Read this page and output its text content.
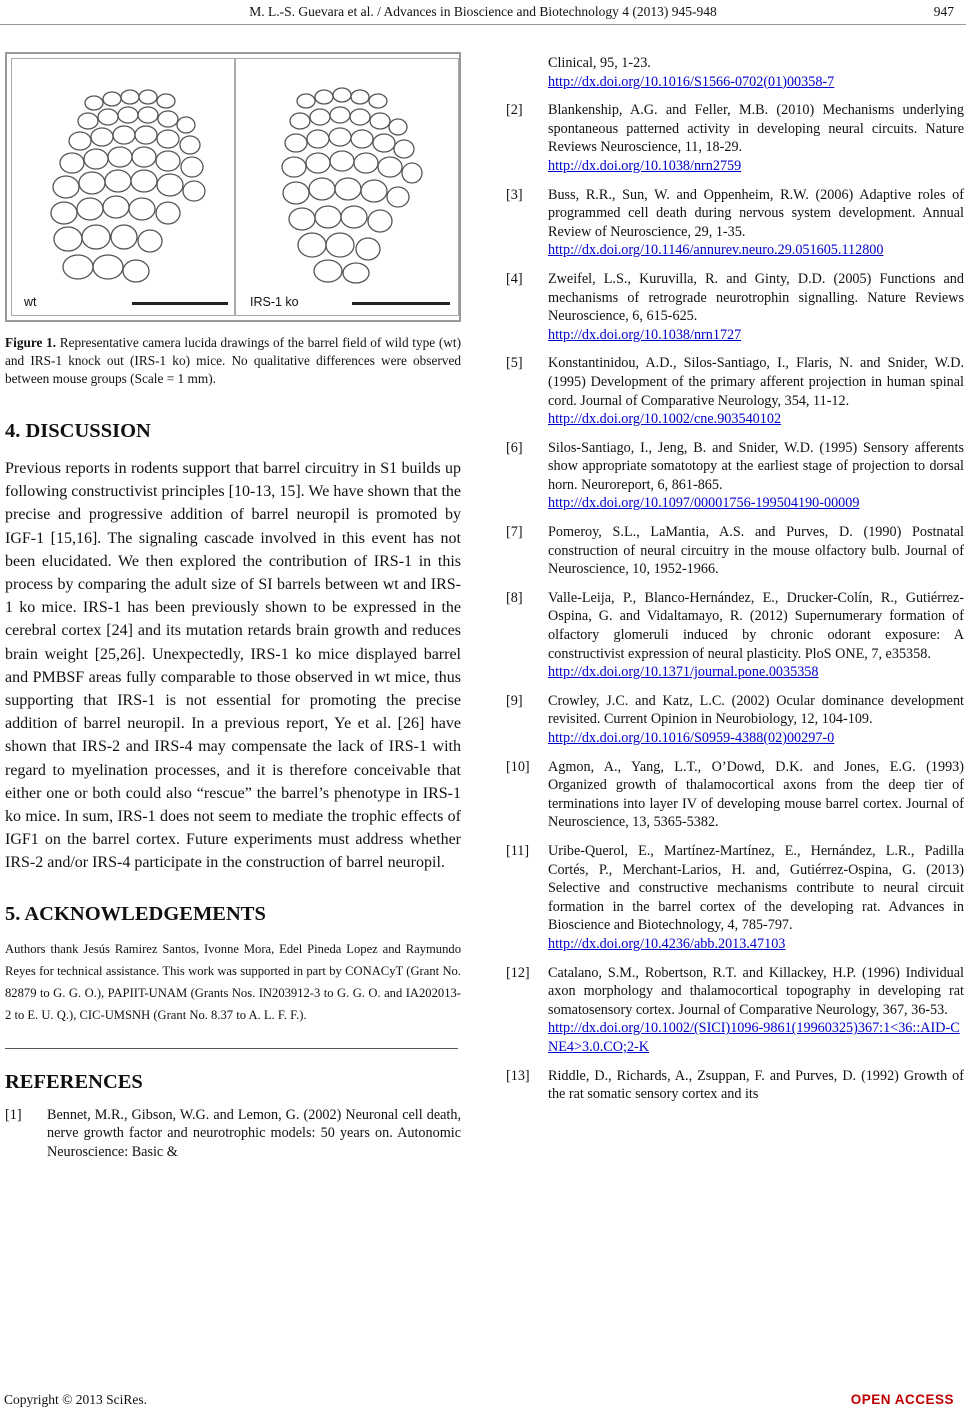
M. L.-S. Guevara et al. / Advances in Bioscience and Biotechnology 4 (2013) 945-948	947
wt	IRS-1 ko
Figure 1. Representative camera lucida drawings of the barrel field of wild type (wt) and IRS-1 knock out (IRS-1 ko) mice. No qualitative differences were observed between mouse groups (Scale = 1 mm).
4. DISCUSSION
Previous reports in rodents support that barrel circuitry in S1 builds up following constructivist principles [10-13, 15]. We have shown that the precise and progressive addition of barrel neuropil is promoted by IGF-1 [15,16]. The signaling cascade involved in this event has not been elucidated. We then explored the contribution of IRS-1 in this process by comparing the adult size of SI barrels between wt and IRS-1 ko mice. IRS-1 has been previously shown to be expressed in the cerebral cortex [24] and its mutation retards brain growth and reduces brain weight [25,26]. Unexpectedly, IRS-1 ko mice displayed barrel and PMBSF areas fully comparable to those observed in wt mice, thus supporting that IRS-1 is not essential for promoting the precise addition of barrel neuropil. In a previous report, Ye et al. [26] have shown that IRS-2 and IRS-4 may compensate the lack of IRS-1 with regard to myelination processes, and it is therefore conceivable that either one or both could also “rescue” the barrel’s phenotype in IRS-1 ko mice. In sum, IRS-1 does not seem to mediate the trophic effects of IGF1 on the barrel cortex. Future experiments must address whether IRS-2 and/or IRS-4 participate in the construction of barrel neuropil.
5. ACKNOWLEDGEMENTS
Authors thank Jesús Ramirez Santos, Ivonne Mora, Edel Pineda Lopez and Raymundo Reyes for technical assistance. This work was supported in part by CONACyT (Grant No. 82879 to G. G. O.), PAPIIT-UNAM (Grants Nos. IN203912-3 to G. G. O. and IA202013-2 to E. U. Q.), CIC-UMSNH (Grant No. 8.37 to A. L. F. F.).
REFERENCES
[1] Bennet, M.R., Gibson, W.G. and Lemon, G. (2002) Neuronal cell death, nerve growth factor and neurotrophic models: 50 years on. Autonomic Neuroscience: Basic &
Clinical, 95, 1-23.
http://dx.doi.org/10.1016/S1566-0702(01)00358-7
[2] Blankenship, A.G. and Feller, M.B. (2010) Mechanisms underlying spontaneous patterned activity in developing neural circuits. Nature Reviews Neuroscience, 11, 18-29.
http://dx.doi.org/10.1038/nrn2759
[3] Buss, R.R., Sun, W. and Oppenheim, R.W. (2006) Adaptive roles of programmed cell death during nervous system development. Annual Review of Neuroscience, 29, 1-35.
http://dx.doi.org/10.1146/annurev.neuro.29.051605.112800
[4] Zweifel, L.S., Kuruvilla, R. and Ginty, D.D. (2005) Functions and mechanisms of retrograde neurotrophin signalling. Nature Reviews Neuroscience, 6, 615-625.
http://dx.doi.org/10.1038/nrn1727
[5] Konstantinidou, A.D., Silos-Santiago, I., Flaris, N. and Snider, W.D. (1995) Development of the primary afferent projection in human spinal cord. Journal of Comparative Neurology, 354, 11-12.
http://dx.doi.org/10.1002/cne.903540102
[6] Silos-Santiago, I., Jeng, B. and Snider, W.D. (1995) Sensory afferents show appropriate somatotopy at the earliest stage of projection to dorsal horn. Neuroreport, 6, 861-865.
http://dx.doi.org/10.1097/00001756-199504190-00009
[7] Pomeroy, S.L., LaMantia, A.S. and Purves, D. (1990) Postnatal construction of neural circuitry in the mouse olfactory bulb. Journal of Neuroscience, 10, 1952-1966.
[8] Valle-Leija, P., Blanco-Hernández, E., Drucker-Colín, R., Gutiérrez-Ospina, G. and Vidaltamayo, R. (2012) Supernumerary formation of olfactory glomeruli induced by chronic odorant exposure: A constructivist expression of neural plasticity. PloS ONE, 7, e35358.
http://dx.doi.org/10.1371/journal.pone.0035358
[9] Crowley, J.C. and Katz, L.C. (2002) Ocular dominance development revisited. Current Opinion in Neurobiology, 12, 104-109.
http://dx.doi.org/10.1016/S0959-4388(02)00297-0
[10] Agmon, A., Yang, L.T., O’Dowd, D.K. and Jones, E.G. (1993) Organized growth of thalamocortical axons from the deep tier of terminations into layer IV of developing mouse barrel cortex. Journal of Neuroscience, 13, 5365-5382.
[11] Uribe-Querol, E., Martínez-Martínez, E., Hernández, L.R., Padilla Cortés, P., Merchant-Larios, H. and, Gutiérrez-Ospina, G. (2013) Selective and constructive mechanisms contribute to neural circuit formation in the barrel cortex of the developing rat. Advances in Bioscience and Biotechnology, 4, 785-797.
http://dx.doi.org/10.4236/abb.2013.47103
[12] Catalano, S.M., Robertson, R.T. and Killackey, H.P. (1996) Individual axon morphology and thalamocortical topography in developing rat somatosensory cortex. Journal of Comparative Neurology, 367, 36-53.
http://dx.doi.org/10.1002/(SICI)1096-9861(19960325)367:1<36::AID-CNE4>3.0.CO;2-K
[13] Riddle, D., Richards, A., Zsuppan, F. and Purves, D. (1992) Growth of the rat somatic sensory cortex and its
Copyright © 2013 SciRes.	OPEN ACCESS
